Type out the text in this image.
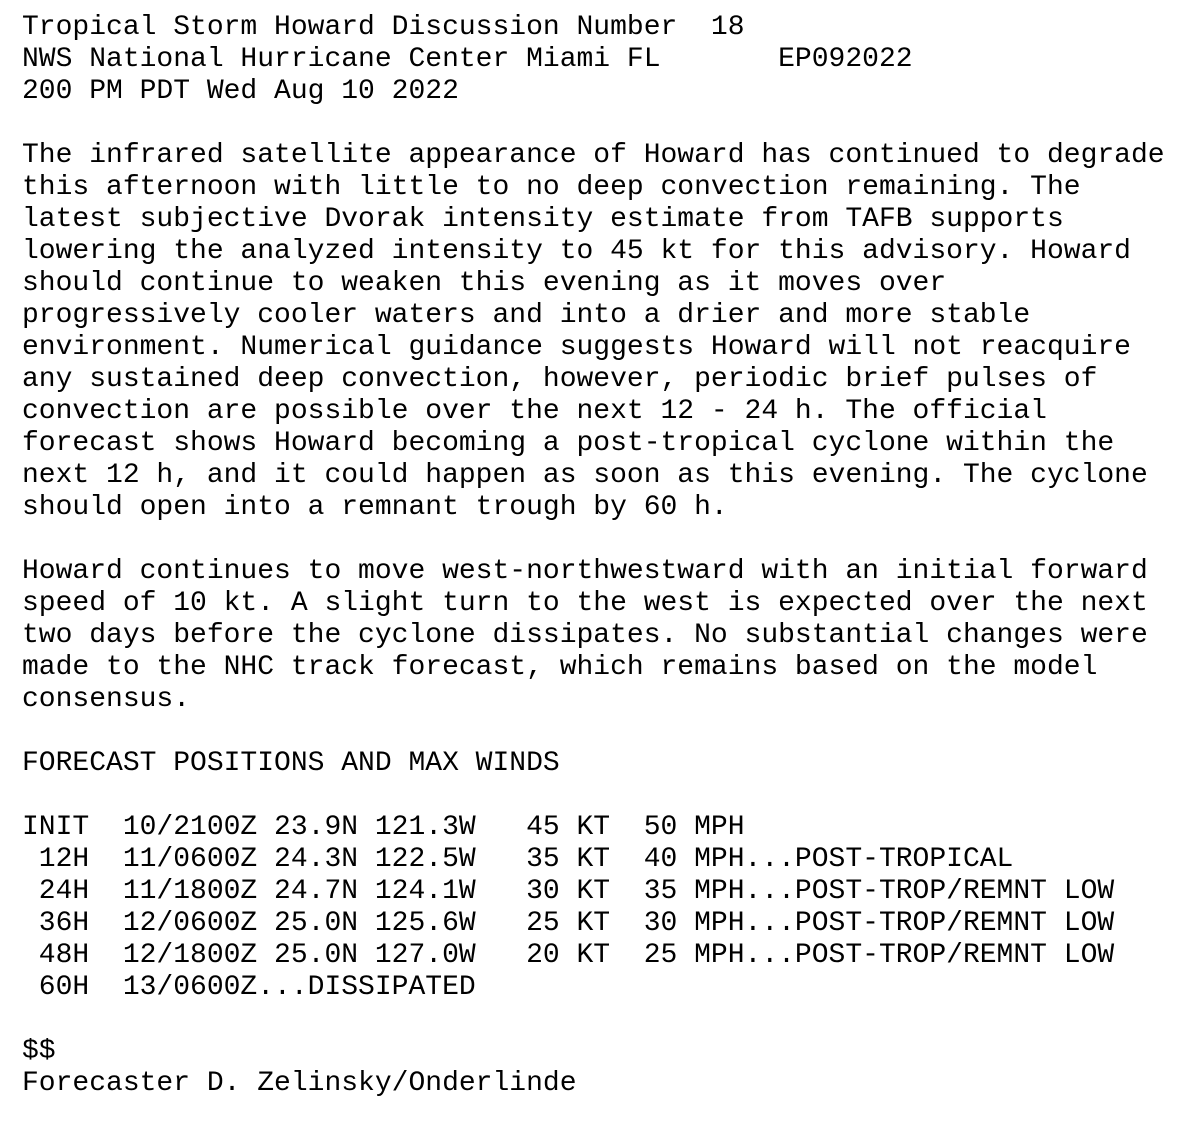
Tropical Storm Howard Discussion Number  18
NWS National Hurricane Center Miami FL       EP092022
200 PM PDT Wed Aug 10 2022
The infrared satellite appearance of Howard has continued to degrade
this afternoon with little to no deep convection remaining. The
latest subjective Dvorak intensity estimate from TAFB supports
lowering the analyzed intensity to 45 kt for this advisory. Howard
should continue to weaken this evening as it moves over
progressively cooler waters and into a drier and more stable
environment. Numerical guidance suggests Howard will not reacquire
any sustained deep convection, however, periodic brief pulses of
convection are possible over the next 12 - 24 h. The official
forecast shows Howard becoming a post-tropical cyclone within the
next 12 h, and it could happen as soon as this evening. The cyclone
should open into a remnant trough by 60 h.
Howard continues to move west-northwestward with an initial forward
speed of 10 kt. A slight turn to the west is expected over the next
two days before the cyclone dissipates. No substantial changes were
made to the NHC track forecast, which remains based on the model
consensus.
FORECAST POSITIONS AND MAX WINDS
INIT  10/2100Z 23.9N 121.3W   45 KT  50 MPH
12H  11/0600Z 24.3N 122.5W   35 KT  40 MPH...POST-TROPICAL
24H  11/1800Z 24.7N 124.1W   30 KT  35 MPH...POST-TROP/REMNT LOW
36H  12/0600Z 25.0N 125.6W   25 KT  30 MPH...POST-TROP/REMNT LOW
48H  12/1800Z 25.0N 127.0W   20 KT  25 MPH...POST-TROP/REMNT LOW
60H  13/0600Z...DISSIPATED
$$
Forecaster D. Zelinsky/Onderlinde
